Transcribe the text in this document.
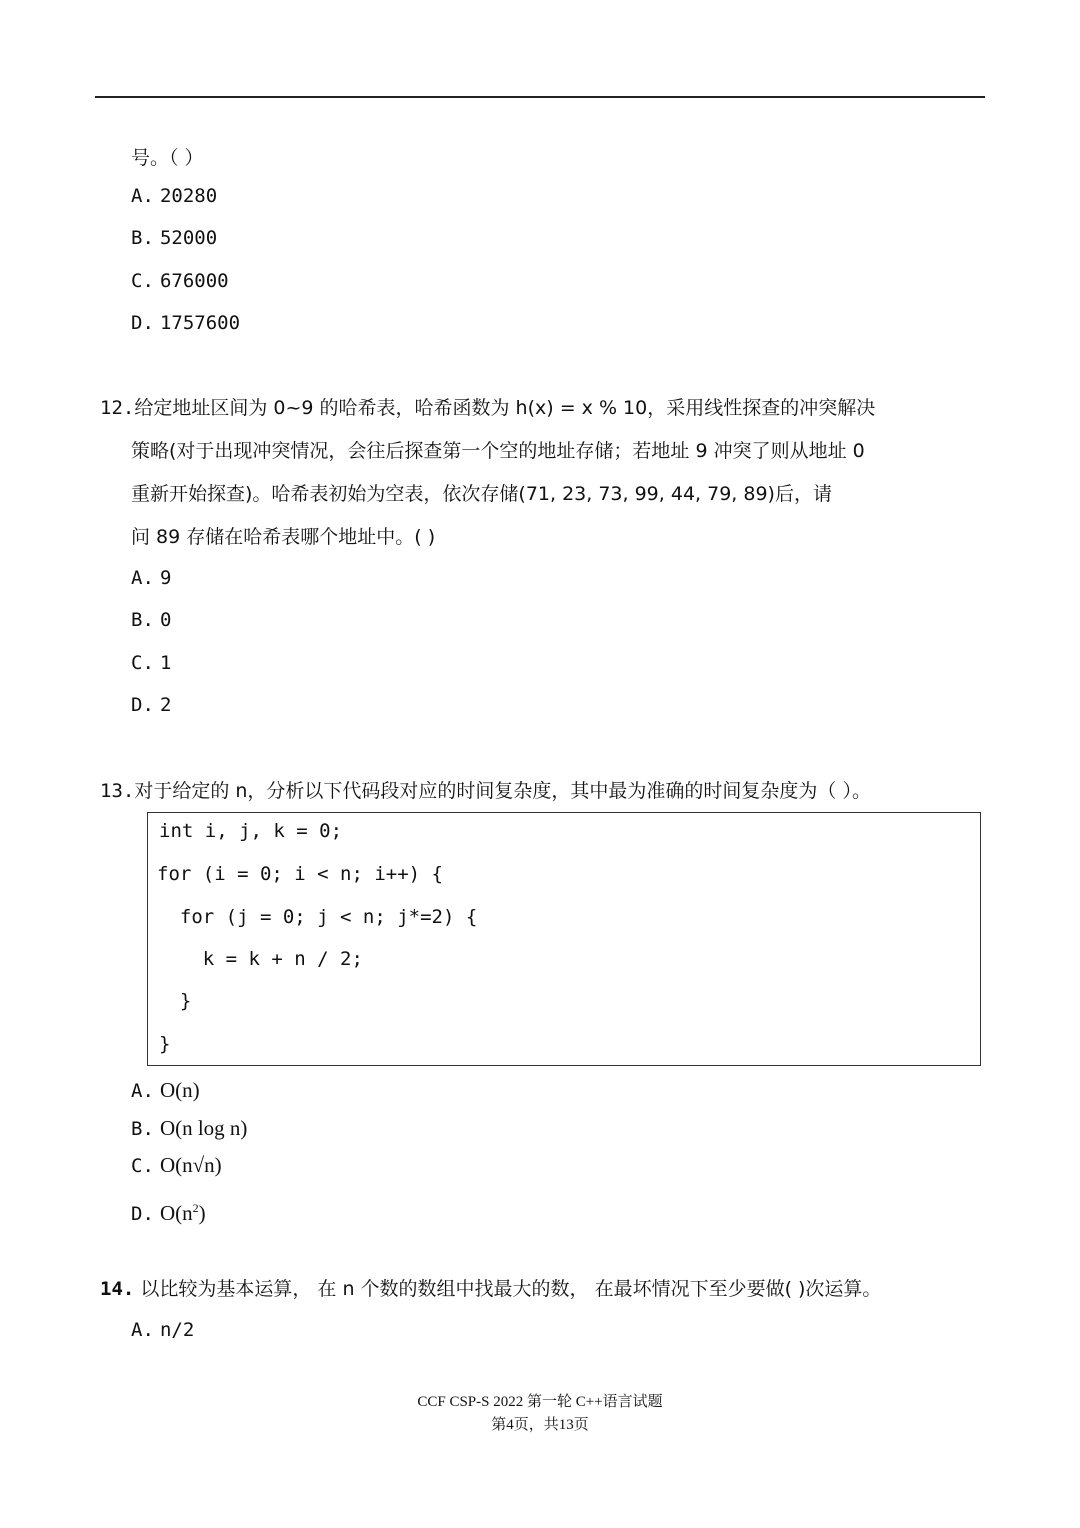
号。（ ）
A. 20280
B. 52000
C. 676000
D. 1757600
12.给定地址区间为 0~9 的哈希表，哈希函数为 h(x) = x % 10，采用线性探查的冲突解决
策略(对于出现冲突情况，会往后探查第一个空的地址存储；若地址 9 冲突了则从地址 0
重新开始探查)。哈希表初始为空表，依次存储(71, 23, 73, 99, 44, 79, 89)后，请
问 89 存储在哈希表哪个地址中。( )
A. 9
B. 0
C. 1
D. 2
13.对于给定的 n，分析以下代码段对应的时间复杂度，其中最为准确的时间复杂度为（ ）。
int i, j, k = 0;
for (i = 0; i < n; i++) {
for (j = 0; j < n; j*=2) {
k = k + n / 2;
}
}
A. O(n)
B. O(n log n)
C. O(n√n)
D. $O(n^2)$
14. 以比较为基本运算， 在 n 个数的数组中找最大的数， 在最坏情况下至少要做( )次运算。
A. n/2
CCF CSP-S 2022 第一轮 C++语言试题
第4页，共13页
